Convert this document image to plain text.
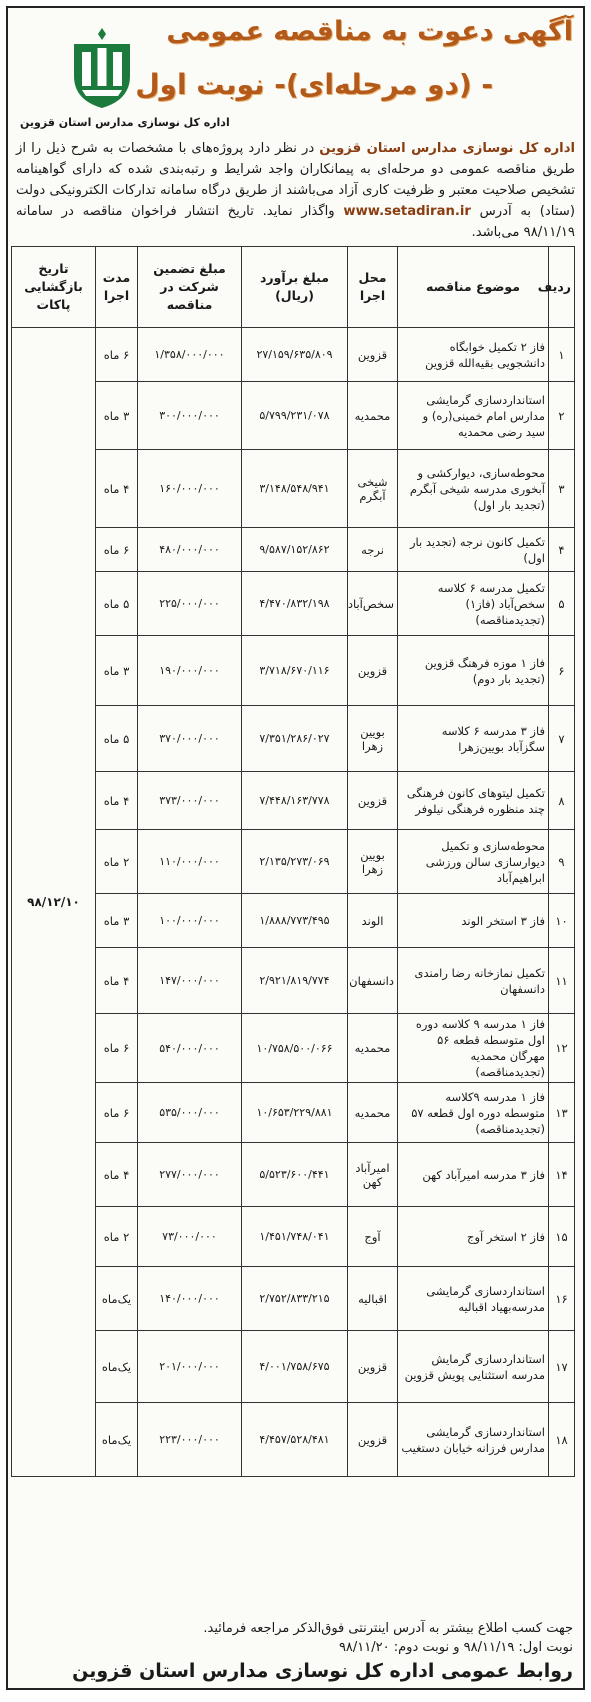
آگهی دعوت به مناقصه عمومی
- (دو مرحله‌ای)- نوبت اول
اداره کل نوسازی مدارس استان قزوین
اداره کل نوسازی مدارس استان قزوین در نظر دارد پروژه‌های با مشخصات به شرح ذیل را از طریق مناقصه عمومی دو مرحله‌ای به پیمانکاران واجد شرایط و رتبه‌بندی شده که دارای گواهینامه تشخیص صلاحیت معتبر و ظرفیت کاری آزاد می‌باشند از طریق درگاه سامانه تدارکات الکترونیکی دولت (ستاد) به آدرس www.setadiran.ir واگذار نماید. تاریخ انتشار فراخوان مناقصه در سامانه ۹۸/۱۱/۱۹ می‌باشد.
ردیف	موضوع مناقصه	محل اجرا	مبلغ برآورد (ریال)	مبلغ تضمین شرکت در مناقصه	مدت اجرا	تاریخ بازگشایی پاکات
۱	فاز ۲ تکمیل خوابگاه دانشجویی بقیه‌الله قزوین	قزوین	۲۷/۱۵۹/۶۳۵/۸۰۹	۱/۳۵۸/۰۰۰/۰۰۰	۶ ماه	۹۸/۱۲/۱۰
۲	استانداردسازی گرمایشی مدارس امام خمینی(ره) و سید رضی محمدیه	محمدیه	۵/۷۹۹/۲۳۱/۰۷۸	۳۰۰/۰۰۰/۰۰۰	۳ ماه	
۳	محوطه‌سازی، دیوارکشی و آبخوری مدرسه شیخی آبگرم (تجدید بار اول)	شیخی آبگرم	۳/۱۴۸/۵۴۸/۹۴۱	۱۶۰/۰۰۰/۰۰۰	۴ ماه	
۴	تکمیل کانون نرجه (تجدید بار اول)	نرجه	۹/۵۸۷/۱۵۲/۸۶۲	۴۸۰/۰۰۰/۰۰۰	۶ ماه	
۵	تکمیل مدرسه ۶ کلاسه سخص‌آباد (فاز۱) (تجدیدمناقصه)	سخص‌آباد	۴/۴۷۰/۸۳۲/۱۹۸	۲۲۵/۰۰۰/۰۰۰	۵ ماه	
۶	فاز ۱ موزه فرهنگ قزوین (تجدید بار دوم)	قزوین	۳/۷۱۸/۶۷۰/۱۱۶	۱۹۰/۰۰۰/۰۰۰	۳ ماه	
۷	فاز ۳ مدرسه ۶ کلاسه سگزآباد بویین‌زهرا	بویین زهرا	۷/۳۵۱/۲۸۶/۰۲۷	۳۷۰/۰۰۰/۰۰۰	۵ ماه	
۸	تکمیل لیتوهای کانون فرهنگی چند منظوره فرهنگی نیلوفر	قزوین	۷/۴۴۸/۱۶۳/۷۷۸	۳۷۳/۰۰۰/۰۰۰	۴ ماه	
۹	محوطه‌سازی و تکمیل دیوارسازی سالن ورزشی ابراهیم‌آباد	بویین زهرا	۲/۱۳۵/۲۷۳/۰۶۹	۱۱۰/۰۰۰/۰۰۰	۲ ماه	
۱۰	فاز ۳ استخر الوند	الوند	۱/۸۸۸/۷۷۳/۴۹۵	۱۰۰/۰۰۰/۰۰۰	۳ ماه	
۱۱	تکمیل نمازخانه رضا رامندی دانسفهان	دانسفهان	۲/۹۲۱/۸۱۹/۷۷۴	۱۴۷/۰۰۰/۰۰۰	۴ ماه	
۱۲	فاز ۱ مدرسه ۹ کلاسه دوره اول متوسطه قطعه ۵۶ مهرگان محمدیه (تجدیدمناقصه)	محمدیه	۱۰/۷۵۸/۵۰۰/۰۶۶	۵۴۰/۰۰۰/۰۰۰	۶ ماه	
۱۳	فاز ۱ مدرسه ۹کلاسه متوسطه دوره اول قطعه ۵۷ (تجدیدمناقصه)	محمدیه	۱۰/۶۵۳/۲۲۹/۸۸۱	۵۳۵/۰۰۰/۰۰۰	۶ ماه	
۱۴	فاز ۳ مدرسه امیرآباد کهن	امیرآباد کهن	۵/۵۲۳/۶۰۰/۴۴۱	۲۷۷/۰۰۰/۰۰۰	۴ ماه	
۱۵	فاز ۲ استخر آوج	آوج	۱/۴۵۱/۷۴۸/۰۴۱	۷۳/۰۰۰/۰۰۰	۲ ماه	
۱۶	استانداردسازی گرمایشی مدرسه‌بهیاد اقبالیه	اقبالیه	۲/۷۵۲/۸۳۳/۲۱۵	۱۴۰/۰۰۰/۰۰۰	یک‌ماه	
۱۷	استانداردسازی گرمایش مدرسه استثنایی پویش قزوین	قزوین	۴/۰۰۱/۷۵۸/۶۷۵	۲۰۱/۰۰۰/۰۰۰	یک‌ماه	
۱۸	استانداردسازی گرمایشی مدارس فرزانه خیابان دستغیب	قزوین	۴/۴۵۷/۵۲۸/۴۸۱	۲۲۳/۰۰۰/۰۰۰	یک‌ماه	
جهت کسب اطلاع بیشتر به آدرس اینترنتی فوق‌الذکر مراجعه فرمائید.
نوبت اول: ۹۸/۱۱/۱۹ و نوبت دوم: ۹۸/۱۱/۲۰
روابط عمومی اداره کل نوسازی مدارس استان قزوین
